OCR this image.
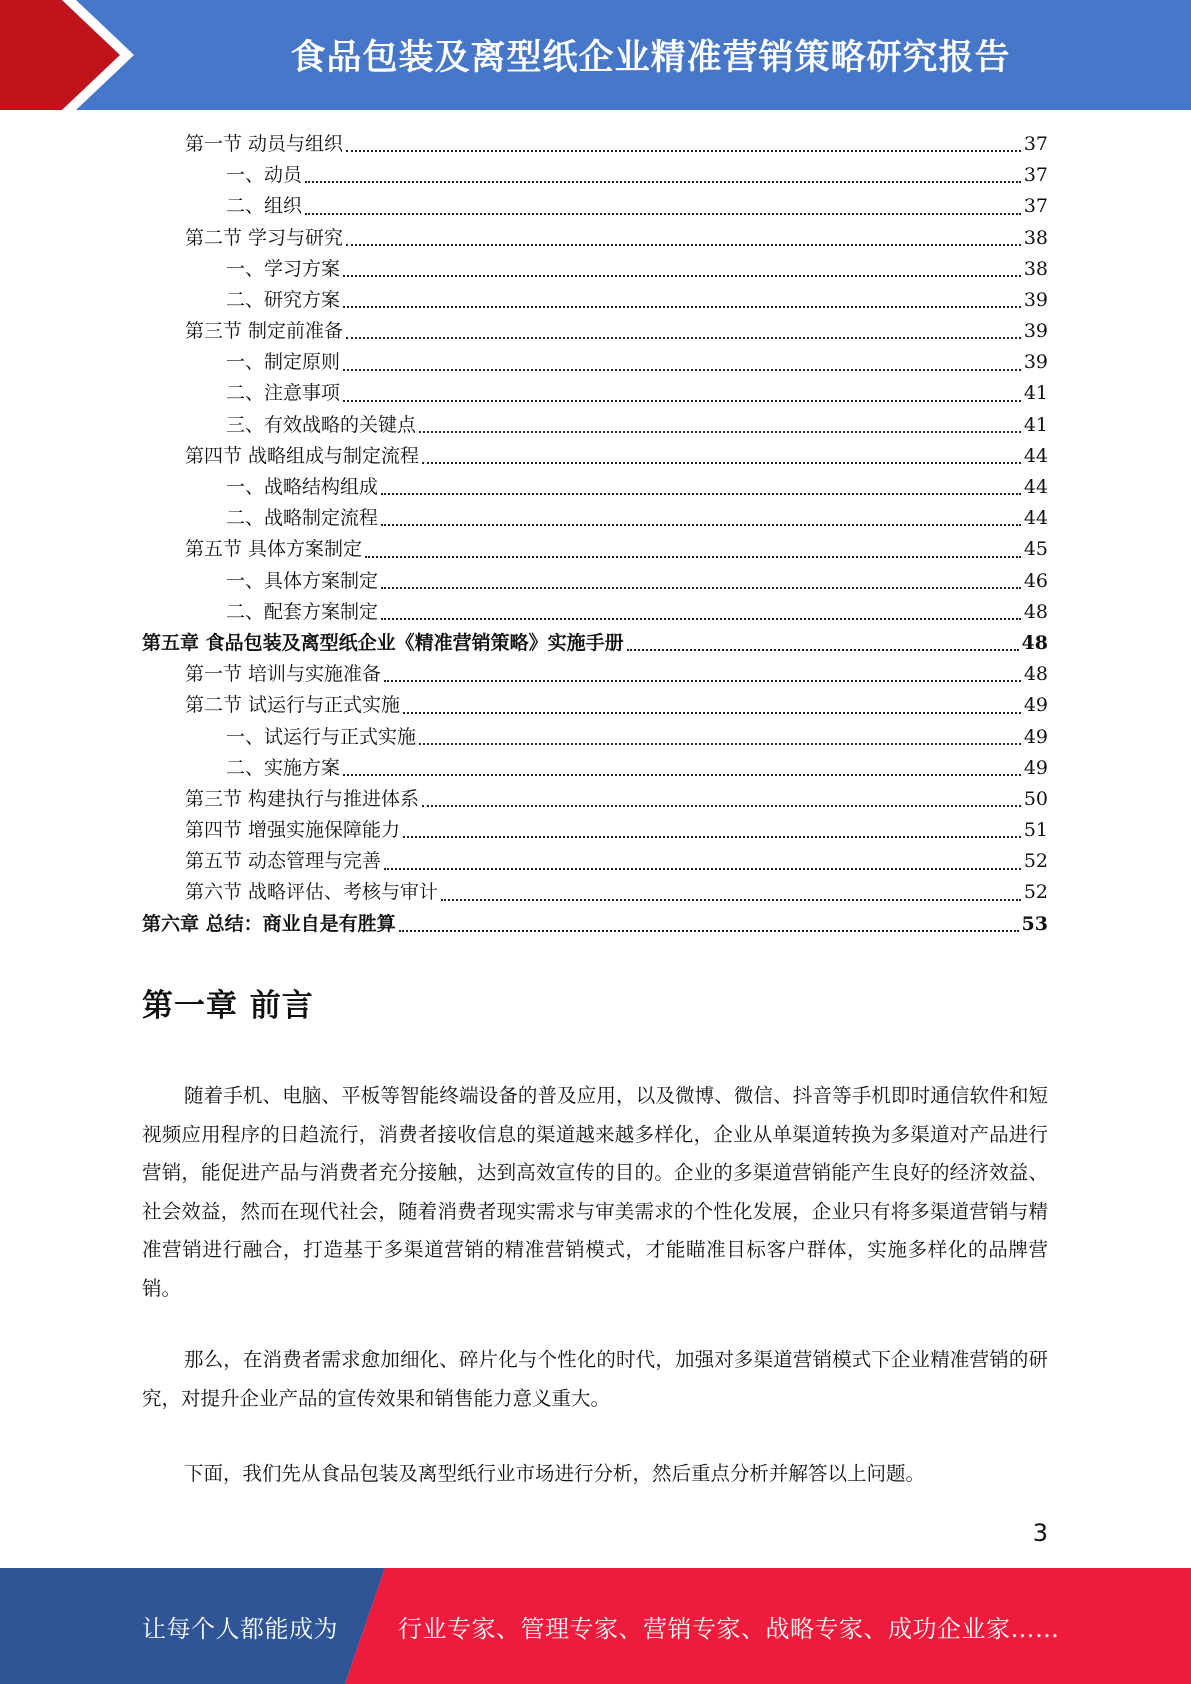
食品包装及离型纸企业精准营销策略研究报告
第一节 动员与组织	37
一、动员	37
二、组织	37
第二节 学习与研究	38
一、学习方案	38
二、研究方案	39
第三节 制定前准备	39
一、制定原则	39
二、注意事项	41
三、有效战略的关键点	41
第四节 战略组成与制定流程	44
一、战略结构组成	44
二、战略制定流程	44
第五节 具体方案制定	45
一、具体方案制定	46
二、配套方案制定	48
第五章 食品包装及离型纸企业《精准营销策略》实施手册	48
第一节 培训与实施准备	48
第二节 试运行与正式实施	49
一、试运行与正式实施	49
二、实施方案	49
第三节 构建执行与推进体系	50
第四节 增强实施保障能力	51
第五节 动态管理与完善	52
第六节 战略评估、考核与审计	52
第六章 总结：商业自是有胜算	53
第一章 前言

随着手机、电脑、平板等智能终端设备的普及应用，以及微博、微信、抖音等手机即时通信软件和短视频应用程序的日趋流行，消费者接收信息的渠道越来越多样化，企业从单渠道转换为多渠道对产品进行营销，能促进产品与消费者充分接触，达到高效宣传的目的。企业的多渠道营销能产生良好的经济效益、社会效益，然而在现代社会，随着消费者现实需求与审美需求的个性化发展，企业只有将多渠道营销与精准营销进行融合，打造基于多渠道营销的精准营销模式，才能瞄准目标客户群体，实施多样化的品牌营销。

那么，在消费者需求愈加细化、碎片化与个性化的时代，加强对多渠道营销模式下企业精准营销的研究，对提升企业产品的宣传效果和销售能力意义重大。

下面，我们先从食品包装及离型纸行业市场进行分析，然后重点分析并解答以上问题。

3
让每个人都能成为	行业专家、管理专家、营销专家、战略专家、成功企业家……
